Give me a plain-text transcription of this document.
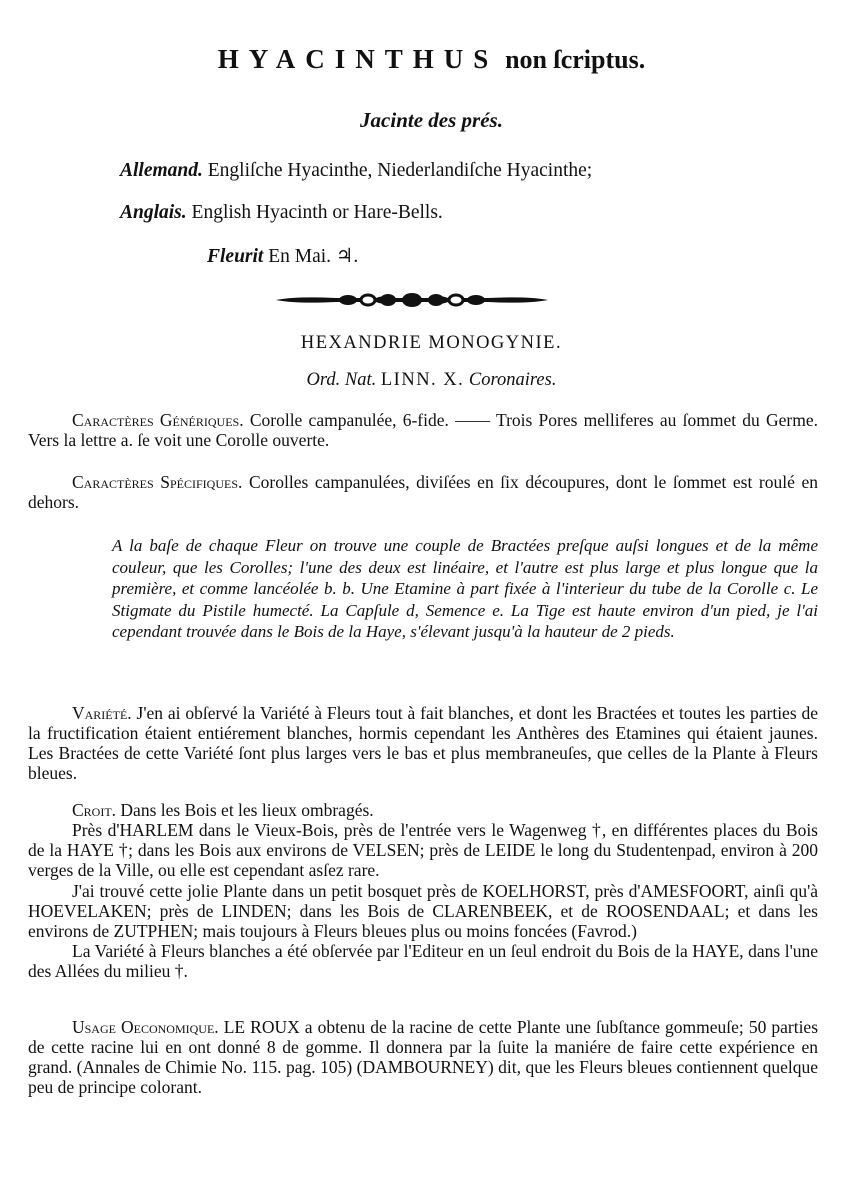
HYACINTHUS non ſcriptus.
Jacinte des prés.
Allemand. Engliſche Hyacinthe, Niederlandiſche Hyacinthe;
Anglais. English Hyacinth or Hare-Bells.
Fleurit En Mai. ♃.
HEXANDRIE MONOGYNIE.
Ord. Nat. LINN. X. Coronaires.
Caractères Génériques. Corolle campanulée, 6-fide. —— Trois Pores melliferes au ſommet du Germe. Vers la lettre a. ſe voit une Corolle ouverte.
Caractères Spécifiques. Corolles campanulées, diviſées en ſix découpures, dont le ſommet est roulé en dehors.
A la baſe de chaque Fleur on trouve une couple de Bractées preſque auſsi longues et de la même couleur, que les Corolles; l'une des deux est linéaire, et l'autre est plus large et plus longue que la première, et comme lancéolée b. b. Une Etamine à part fixée à l'interieur du tube de la Corolle c. Le Stigmate du Pistile humecté. La Capſule d, Semence e. La Tige est haute environ d'un pied, je l'ai cependant trouvée dans le Bois de la Haye, s'élevant jusqu'à la hauteur de 2 pieds.
Variété. J'en ai obſervé la Variété à Fleurs tout à fait blanches, et dont les Bractées et toutes les parties de la fructification étaient entiérement blanches, hormis cependant les Anthères des Etamines qui étaient jaunes. Les Bractées de cette Variété ſont plus larges vers le bas et plus membraneuſes, que celles de la Plante à Fleurs bleues.

Croit. Dans les Bois et les lieux ombragés.

Près d'HARLEM dans le Vieux-Bois, près de l'entrée vers le Wagenweg †, en différentes places du Bois de la HAYE †; dans les Bois aux environs de VELSEN; près de LEIDE le long du Studentenpad, environ à 200 verges de la Ville, ou elle est cependant asſez rare.

J'ai trouvé cette jolie Plante dans un petit bosquet près de KOELHORST, près d'AMESFOORT, ainſi qu'à HOEVELAKEN; près de LINDEN; dans les Bois de CLARENBEEK, et de ROOSENDAAL; et dans les environs de ZUTPHEN; mais toujours à Fleurs bleues plus ou moins foncées (Favrod.)

La Variété à Fleurs blanches a été obſervée par l'Editeur en un ſeul endroit du Bois de la HAYE, dans l'une des Allées du milieu †.

Usage Oeconomique. LE ROUX a obtenu de la racine de cette Plante une ſubſtance gommeuſe; 50 parties de cette racine lui en ont donné 8 de gomme. Il donnera par la ſuite la maniére de faire cette expérience en grand. (Annales de Chimie No. 115. pag. 105) (DAMBOURNEY) dit, que les Fleurs bleues contiennent quelque peu de principe colorant.
